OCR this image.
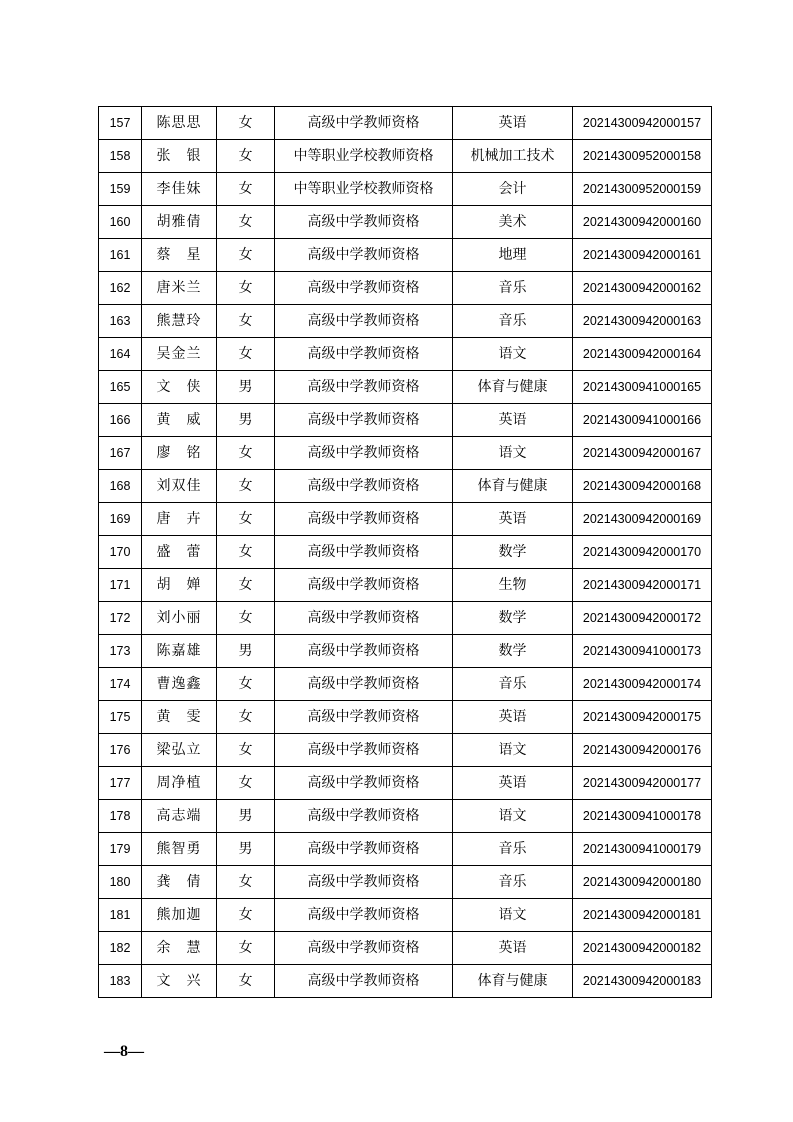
157	陈思思	女	高级中学教师资格	英语	20214300942000157
158	张　银	女	中等职业学校教师资格	机械加工技术	20214300952000158
159	李佳妹	女	中等职业学校教师资格	会计	20214300952000159
160	胡雅倩	女	高级中学教师资格	美术	20214300942000160
161	蔡　星	女	高级中学教师资格	地理	20214300942000161
162	唐米兰	女	高级中学教师资格	音乐	20214300942000162
163	熊慧玲	女	高级中学教师资格	音乐	20214300942000163
164	吴金兰	女	高级中学教师资格	语文	20214300942000164
165	文　侠	男	高级中学教师资格	体育与健康	20214300941000165
166	黄　威	男	高级中学教师资格	英语	20214300941000166
167	廖　铭	女	高级中学教师资格	语文	20214300942000167
168	刘双佳	女	高级中学教师资格	体育与健康	20214300942000168
169	唐　卉	女	高级中学教师资格	英语	20214300942000169
170	盛　蕾	女	高级中学教师资格	数学	20214300942000170
171	胡　婵	女	高级中学教师资格	生物	20214300942000171
172	刘小丽	女	高级中学教师资格	数学	20214300942000172
173	陈嘉雄	男	高级中学教师资格	数学	20214300941000173
174	曹逸鑫	女	高级中学教师资格	音乐	20214300942000174
175	黄　雯	女	高级中学教师资格	英语	20214300942000175
176	梁弘立	女	高级中学教师资格	语文	20214300942000176
177	周净植	女	高级中学教师资格	英语	20214300942000177
178	高志端	男	高级中学教师资格	语文	20214300941000178
179	熊智勇	男	高级中学教师资格	音乐	20214300941000179
180	龚　倩	女	高级中学教师资格	音乐	20214300942000180
181	熊加迦	女	高级中学教师资格	语文	20214300942000181
182	余　慧	女	高级中学教师资格	英语	20214300942000182
183	文　兴	女	高级中学教师资格	体育与健康	20214300942000183
—8—
